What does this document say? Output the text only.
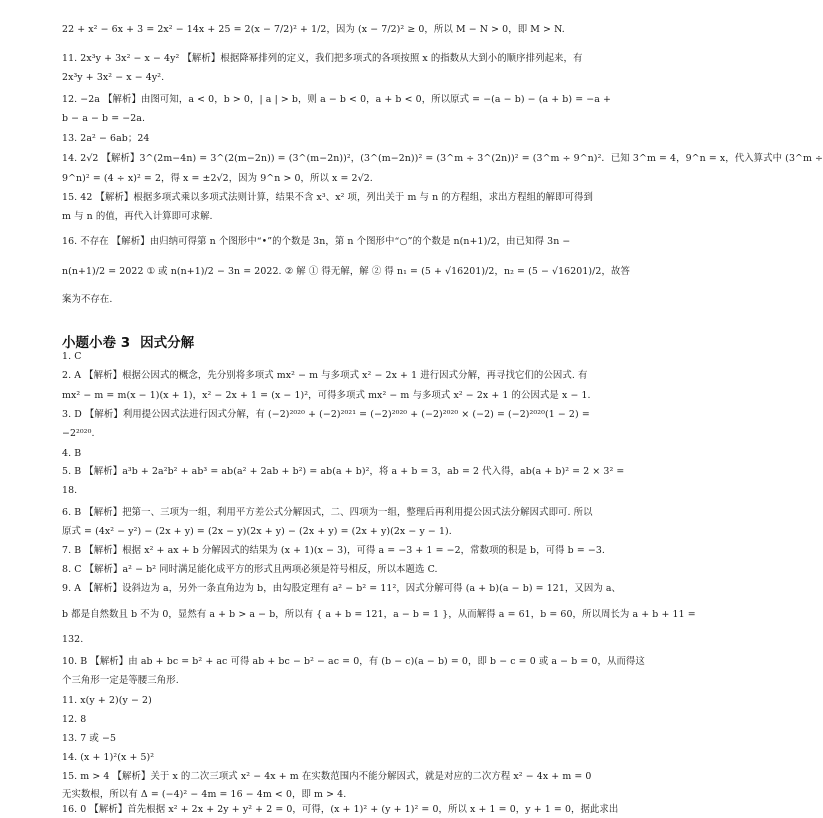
22 + x² − 6x + 3 = 2x² − 14x + 25 = 2(x − 7/2)² + 1/2，因为 (x − 7/2)² ≥ 0，所以 M − N > 0，即 M > N.
11. 2x³y + 3x² − x − 4y² 【解析】根据降幂排列的定义，我们把多项式的各项按照 x 的指数从大到小的顺序排列起来，有
2x³y + 3x² − x − 4y².
12. −2a 【解析】由图可知，a < 0，b > 0，| a | > b，则 a − b < 0，a + b < 0，所以原式 = −(a − b) − (a + b) = −a +
b − a − b = −2a.
13. 2a² − 6ab；24
14. 2√2 【解析】3^(2m−4n) = 3^(2(m−2n)) = (3^(m−2n))²，(3^(m−2n))² = (3^m ÷ 3^(2n))² = (3^m ÷ 9^n)²．已知 3^m = 4，9^n = x，代入算式中 (3^m ÷
9^n)² = (4 ÷ x)² = 2，得 x = ±2√2，因为 9^n > 0，所以 x = 2√2.
15. 42 【解析】根据多项式乘以多项式法则计算，结果不含 x³、x² 项，列出关于 m 与 n 的方程组，求出方程组的解即可得到
m 与 n 的值，再代入计算即可求解.
16. 不存在 【解析】由归纳可得第 n 个图形中“•”的个数是 3n，第 n 个图形中“○”的个数是 n(n+1)/2，由已知得 3n −
n(n+1)/2 = 2022 ① 或 n(n+1)/2 − 3n = 2022. ② 解 ① 得无解，解 ② 得 n₁ = (5 + √16201)/2，n₂ = (5 − √16201)/2，故答
案为不存在.
小题小卷 3 因式分解
1. C
2. A 【解析】根据公因式的概念，先分别将多项式 mx² − m 与多项式 x² − 2x + 1 进行因式分解，再寻找它们的公因式. 有
mx² − m = m(x − 1)(x + 1)，x² − 2x + 1 = (x − 1)²，可得多项式 mx² − m 与多项式 x² − 2x + 1 的公因式是 x − 1.
3. D 【解析】利用提公因式法进行因式分解，有 (−2)²⁰²⁰ + (−2)²⁰²¹ = (−2)²⁰²⁰ + (−2)²⁰²⁰ × (−2) = (−2)²⁰²⁰(1 − 2) =
−2²⁰²⁰.
4. B
5. B 【解析】a³b + 2a²b² + ab³ = ab(a² + 2ab + b²) = ab(a + b)²，将 a + b = 3，ab = 2 代入得，ab(a + b)² = 2 × 3² =
18.
6. B 【解析】把第一、三项为一组，利用平方差公式分解因式，二、四项为一组，整理后再利用提公因式法分解因式即可. 所以
原式 = (4x² − y²) − (2x + y) = (2x − y)(2x + y) − (2x + y) = (2x + y)(2x − y − 1).
7. B 【解析】根据 x² + ax + b 分解因式的结果为 (x + 1)(x − 3)，可得 a = −3 + 1 = −2，常数项的积是 b，可得 b = −3.
8. C 【解析】a² − b² 同时满足能化成平方的形式且两项必须是符号相反，所以本题选 C.
9. A 【解析】设斜边为 a，另外一条直角边为 b，由勾股定理有 a² − b² = 11²，因式分解可得 (a + b)(a − b) = 121，又因为 a、
b 都是自然数且 b 不为 0，显然有 a + b > a − b，所以有 { a + b = 121，a − b = 1 }，从而解得 a = 61，b = 60，所以周长为 a + b + 11 =
132.
10. B 【解析】由 ab + bc = b² + ac 可得 ab + bc − b² − ac = 0，有 (b − c)(a − b) = 0，即 b − c = 0 或 a − b = 0，从而得这
个三角形一定是等腰三角形.
11. x(y + 2)(y − 2)
12. 8
13. 7 或 −5
14. (x + 1)²(x + 5)²
15. m > 4 【解析】关于 x 的二次三项式 x² − 4x + m 在实数范围内不能分解因式，就是对应的二次方程 x² − 4x + m = 0
无实数根，所以有 Δ = (−4)² − 4m = 16 − 4m < 0，即 m > 4.
16. 0 【解析】首先根据 x² + 2x + 2y + y² + 2 = 0，可得，(x + 1)² + (y + 1)² = 0，所以 x + 1 = 0，y + 1 = 0，据此求出
